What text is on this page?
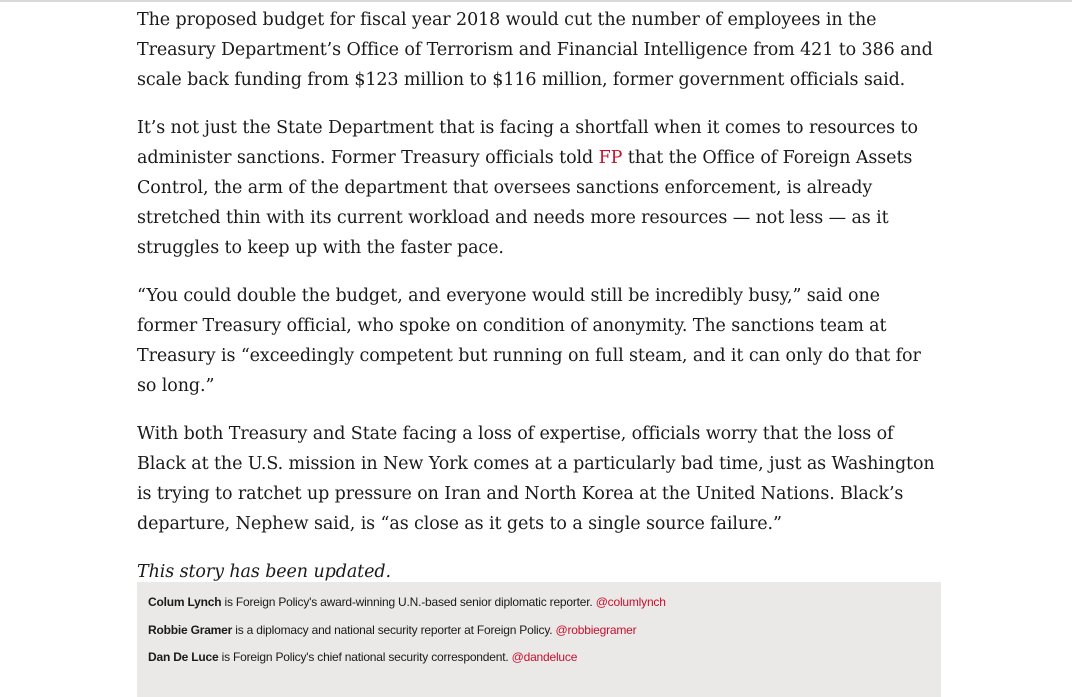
The proposed budget for fiscal year 2018 would cut the number of employees in the Treasury Department’s Office of Terrorism and Financial Intelligence from 421 to 386 and scale back funding from $123 million to $116 million, former government officials said.

It’s not just the State Department that is facing a shortfall when it comes to resources to administer sanctions. Former Treasury officials told FP that the Office of Foreign Assets Control, the arm of the department that oversees sanctions enforcement, is already stretched thin with its current workload and needs more resources — not less — as it struggles to keep up with the faster pace.

“You could double the budget, and everyone would still be incredibly busy,” said one former Treasury official, who spoke on condition of anonymity. The sanctions team at Treasury is “exceedingly competent but running on full steam, and it can only do that for so long.”

With both Treasury and State facing a loss of expertise, officials worry that the loss of Black at the U.S. mission in New York comes at a particularly bad time, just as Washington is trying to ratchet up pressure on Iran and North Korea at the United Nations. Black’s departure, Nephew said, is “as close as it gets to a single source failure.”

This story has been updated.

Colum Lynch is Foreign Policy's award-winning U.N.-based senior diplomatic reporter. @columlynch
Robbie Gramer is a diplomacy and national security reporter at Foreign Policy. @robbiegramer
Dan De Luce is Foreign Policy's chief national security correspondent. @dandeluce
